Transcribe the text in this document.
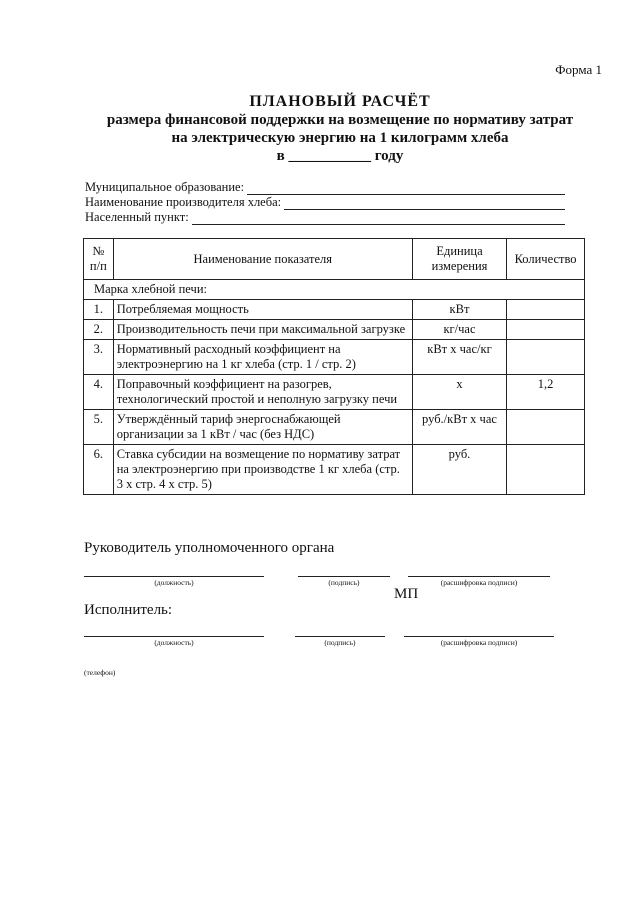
Форма 1
ПЛАНОВЫЙ РАСЧЁТ
размера финансовой поддержки на возмещение по нормативу затрат
на электрическую энергию на 1 килограмм хлеба
в ___________ году
Муниципальное образование:
Наименование производителя хлеба:
Населенный пункт:
№ п/п	Наименование показателя	Единица измерения	Количество
Марка хлебной печи:			
1.	Потребляемая мощность	кВт	
2.	Производительность печи при максимальной загрузке	кг/час	
3.	Нормативный расходный коэффициент на электроэнергию на 1 кг хлеба (стр. 1 / стр. 2)	кВт х час/кг	
4.	Поправочный коэффициент на разогрев, технологический простой и неполную загрузку печи	х	1,2
5.	Утверждённый тариф энергоснабжающей организации за 1 кВт / час (без НДС)	руб./кВт х час	
6.	Ставка субсидии на возмещение по нормативу затрат на электроэнергию при производстве 1 кг хлеба (стр. 3 х стр. 4 х стр. 5)	руб.	
Руководитель уполномоченного органа
(должность)	(подпись)	(расшифровка подписи)
МП
Исполнитель:
(должность)	(подпись)	(расшифровка подписи)
(телефон)
